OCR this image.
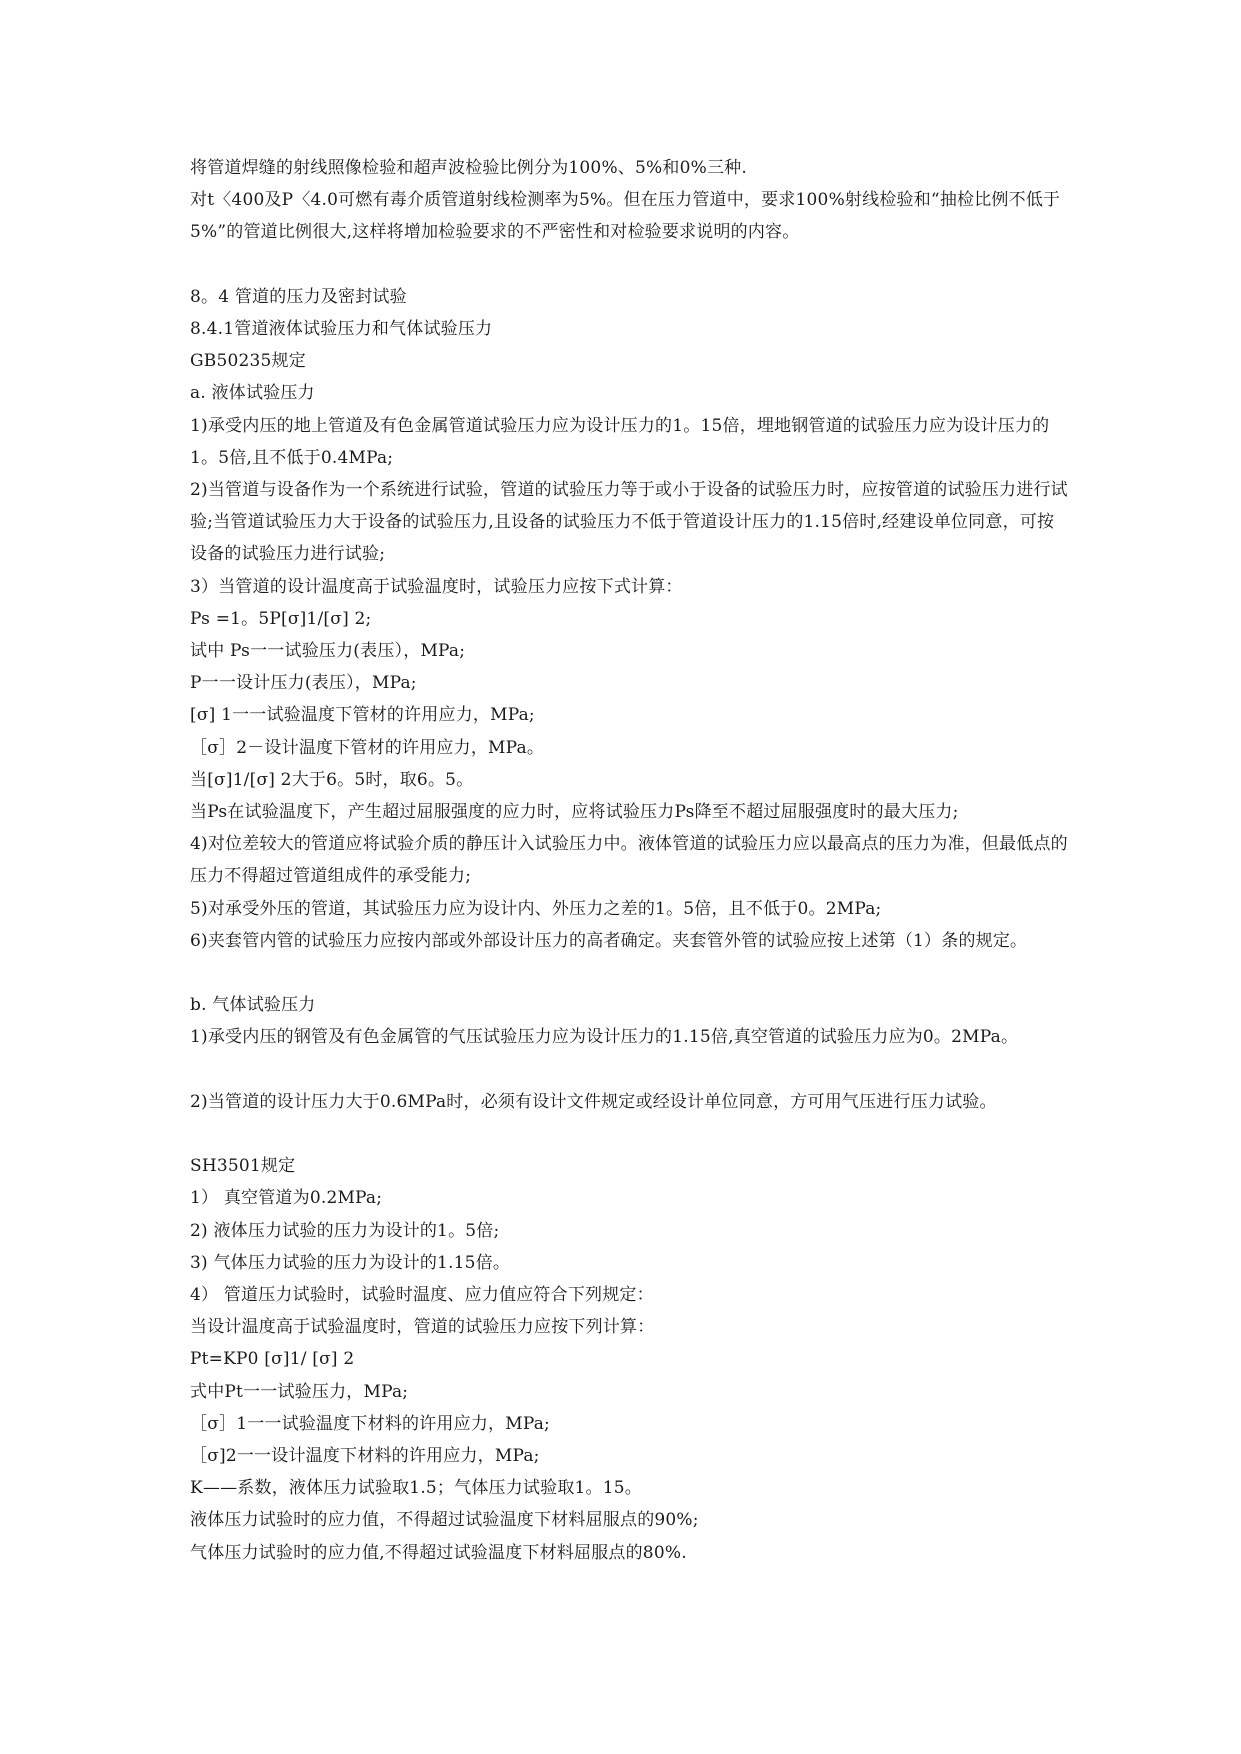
将管道焊缝的射线照像检验和超声波检验比例分为100%、5%和0%三种.

对t〈400及P〈4.0可燃有毒介质管道射线检测率为5%。但在压力管道中，要求100%射线检验和“抽检比例不低于5%”的管道比例很大,这样将增加检验要求的不严密性和对检验要求说明的内容。

8。4 管道的压力及密封试验

8.4.1管道液体试验压力和气体试验压力

GB50235规定

a. 液体试验压力

1)承受内压的地上管道及有色金属管道试验压力应为设计压力的1。15倍，埋地钢管道的试验压力应为设计压力的1。5倍,且不低于0.4MPa;

2)当管道与设备作为一个系统进行试验，管道的试验压力等于或小于设备的试验压力时，应按管道的试验压力进行试验;当管道试验压力大于设备的试验压力,且设备的试验压力不低于管道设计压力的1.15倍时,经建设单位同意，可按设备的试验压力进行试验;

3）当管道的设计温度高于试验温度时，试验压力应按下式计算：

Ps =1。5P[σ]1/[σ] 2;

试中 Ps一一试验压力(表压），MPa;

P一一设计压力(表压），MPa;

[σ] 1一一试验温度下管材的许用应力，MPa;

［σ］2－设计温度下管材的许用应力，MPa。

当[σ]1/[σ] 2大于6。5时，取6。5。

当Ps在试验温度下，产生超过屈服强度的应力时，应将试验压力Ps降至不超过屈服强度时的最大压力;

4)对位差较大的管道应将试验介质的静压计入试验压力中。液体管道的试验压力应以最高点的压力为准，但最低点的压力不得超过管道组成件的承受能力;

5)对承受外压的管道，其试验压力应为设计内、外压力之差的1。5倍，且不低于0。2MPa;

6)夹套管内管的试验压力应按内部或外部设计压力的高者确定。夹套管外管的试验应按上述第（1）条的规定。

b. 气体试验压力

1)承受内压的钢管及有色金属管的气压试验压力应为设计压力的1.15倍,真空管道的试验压力应为0。2MPa。

2)当管道的设计压力大于0.6MPa时，必须有设计文件规定或经设计单位同意，方可用气压进行压力试验。

SH3501规定

1） 真空管道为0.2MPa;

2) 液体压力试验的压力为设计的1。5倍;

3) 气体压力试验的压力为设计的1.15倍。

4） 管道压力试验时，试验时温度、应力值应符合下列规定：

当设计温度高于试验温度时，管道的试验压力应按下列计算：

Pt=KP0 [σ]1/ [σ] 2

式中Pt一一试验压力，MPa;

［σ］1一一试验温度下材料的许用应力，MPa;

［σ]2一一设计温度下材料的许用应力，MPa;

K——系数，液体压力试验取1.5；气体压力试验取1。15。

液体压力试验时的应力值，不得超过试验温度下材料屈服点的90%;

气体压力试验时的应力值,不得超过试验温度下材料屈服点的80%.
